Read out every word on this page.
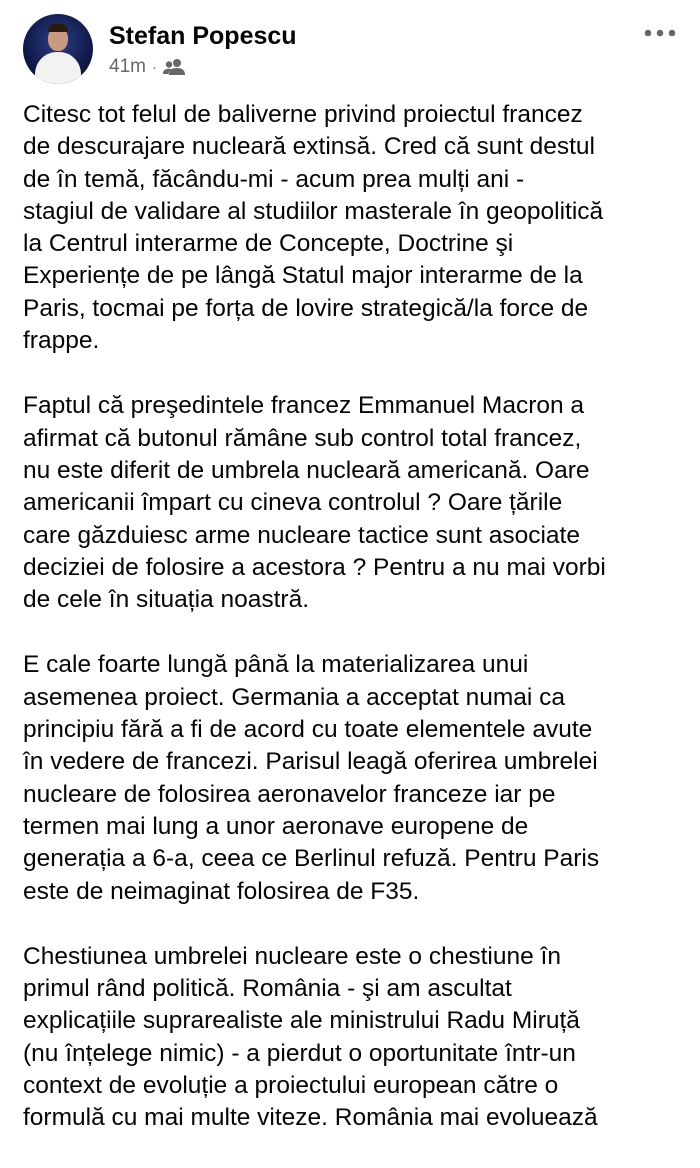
Stefan Popescu
41m ·
Citesc tot felul de baliverne privind proiectul francez
de descurajare nucleară extinsă. Cred că sunt destul
de în temă, făcându-mi - acum prea mulți ani -
stagiul de validare al studiilor masterale în geopolitică
la Centrul interarme de Concepte, Doctrine şi
Experiențe de pe lângă Statul major interarme de la
Paris, tocmai pe forța de lovire strategică/la force de
frappe.
Faptul că preşedintele francez Emmanuel Macron a
afirmat că butonul rămâne sub control total francez,
nu este diferit de umbrela nucleară americană. Oare
americanii împart cu cineva controlul ? Oare țările
care găzduiesc arme nucleare tactice sunt asociate
deciziei de folosire a acestora ? Pentru a nu mai vorbi
de cele în situația noastră.
E cale foarte lungă până la materializarea unui
asemenea proiect. Germania a acceptat numai ca
principiu fără a fi de acord cu toate elementele avute
în vedere de francezi. Parisul leagă oferirea umbrelei
nucleare de folosirea aeronavelor franceze iar pe
termen mai lung a unor aeronave europene de
generația a 6-a, ceea ce Berlinul refuză. Pentru Paris
este de neimaginat folosirea de F35.
Chestiunea umbrelei nucleare este o chestiune în
primul rând politică. România - şi am ascultat
explicațiile suprarealiste ale ministrului Radu Miruță
(nu înțelege nimic) - a pierdut o oportunitate într-un
context de evoluție a proiectului european către o
formulă cu mai multe viteze. România mai evoluează
